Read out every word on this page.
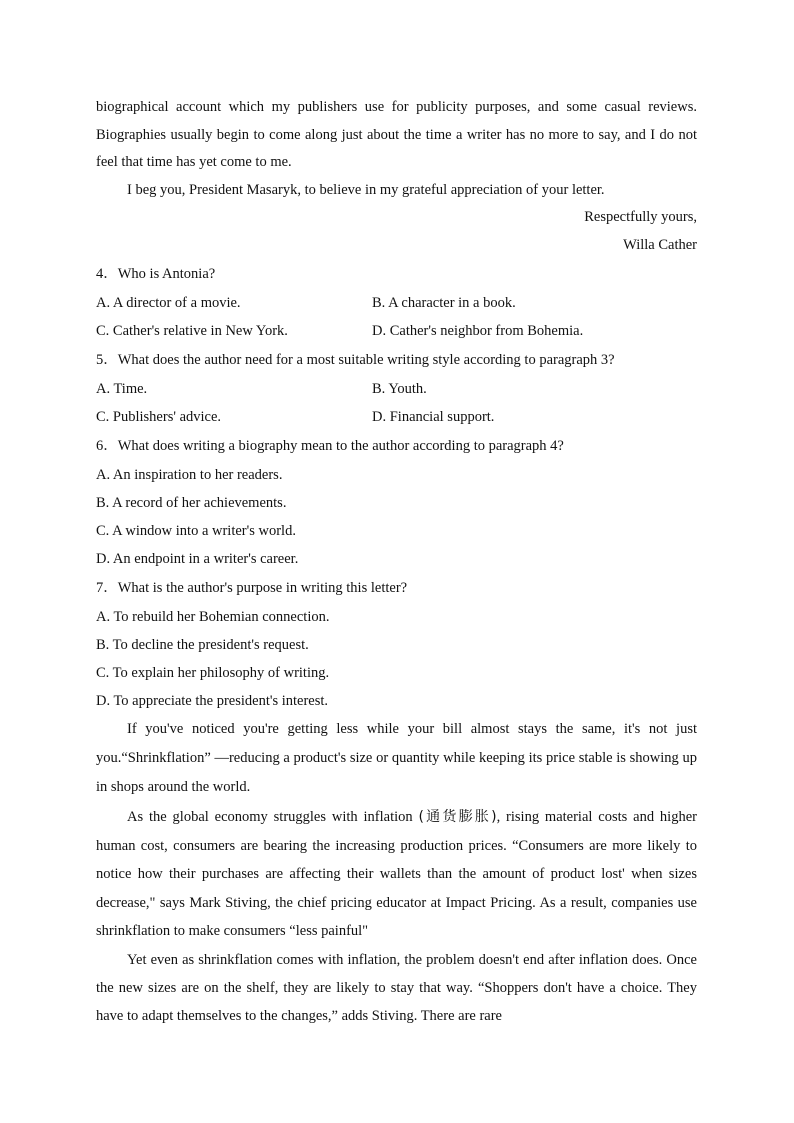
biographical account which my publishers use for publicity purposes, and some casual reviews. Biographies usually begin to come along just about the time a writer has no more to say, and I do not feel that time has yet come to me.

I beg you, President Masaryk, to believe in my grateful appreciation of your letter.

Respectfully yours,

Willa Cather

4．Who is Antonia?

A. A director of a movie.	B. A character in a book.
C. Cather's relative in New York.	D. Cather's neighbor from Bohemia.

5．What does the author need for a most suitable writing style according to paragraph 3?

A. Time.	B. Youth.
C. Publishers' advice.	D. Financial support.

6．What does writing a biography mean to the author according to paragraph 4?

A. An inspiration to her readers.

B. A record of her achievements.

C. A window into a writer's world.

D. An endpoint in a writer's career.

7．What is the author's purpose in writing this letter?

A. To rebuild her Bohemian connection.

B. To decline the president's request.

C. To explain her philosophy of writing.

D. To appreciate the president's interest.

If you've noticed you're getting less while your bill almost stays the same, it's not just you.“Shrinkflation” —reducing a product's size or quantity while keeping its price stable is showing up in shops around the world.

As the global economy struggles with inflation (通货膨胀), rising material costs and higher human cost, consumers are bearing the increasing production prices. “Consumers are more likely to notice how their purchases are affecting their wallets than the amount of product lost' when sizes decrease," says Mark Stiving, the chief pricing educator at Impact Pricing. As a result, companies use shrinkflation to make consumers “less painful"

Yet even as shrinkflation comes with inflation, the problem doesn't end after inflation does. Once the new sizes are on the shelf, they are likely to stay that way. “Shoppers don't have a choice. They have to adapt themselves to the changes,” adds Stiving. There are rare
